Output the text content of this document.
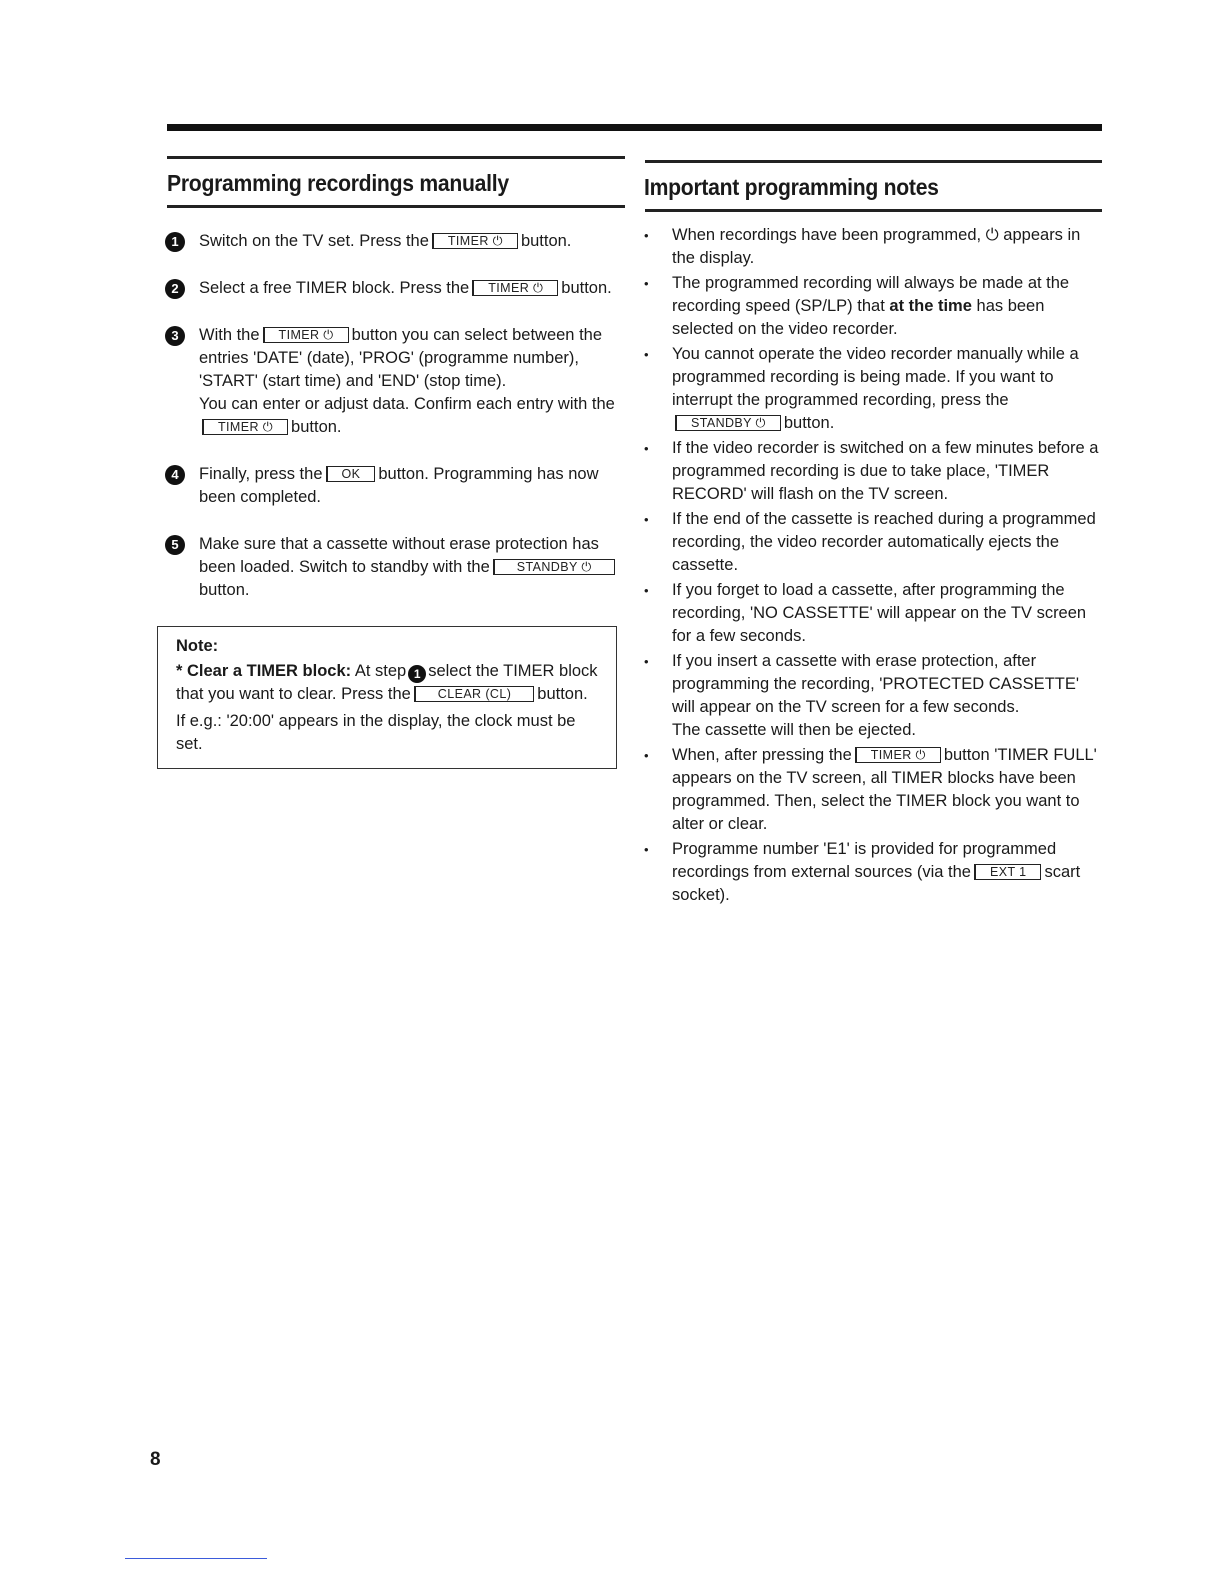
Programming recordings manually
1	Switch on the TV set. Press the TIMER ⏻ button.

2	Select a free TIMER block. Press the TIMER ⏻ button.

3	With the TIMER ⏻ button you can select between the entries 'DATE' (date), 'PROG' (programme number), 'START' (start time) and 'END' (stop time).

You can enter or adjust data. Confirm each entry with theTIMER ⏻ button.

4	Finally, press the OK button. Programming has now been completed.

5	Make sure that a cassette without erase protection has been loaded. Switch to standby with the STANDBY ⏻button.

Note:

* Clear a TIMER block: At step 1 select the TIMER block that you want to clear. Press the CLEAR (CL) button.

If e.g.: '20:00' appears in the display, the clock must be set.

Important programming notes
• When recordings have been programmed, ⏻ appears in the display.
• The programmed recording will always be made at the recording speed (SP/LP) that at the time has been selected on the video recorder.
• You cannot operate the video recorder manually while a programmed recording is being made. If you want to interrupt the programmed recording, press the STANDBY ⏻ button.
• If the video recorder is switched on a few minutes before a programmed recording is due to take place, 'TIMER RECORD' will flash on the TV screen.
• If the end of the cassette is reached during a programmed recording, the video recorder automatically ejects the cassette.
• If you forget to load a cassette, after programming the recording, 'NO CASSETTE' will appear on the TV screen for a few seconds.
• If you insert a cassette with erase protection, after programming the recording, 'PROTECTED CASSETTE' will appear on the TV screen for a few seconds.
The cassette will then be ejected.
• When, after pressing the TIMER ⏻ button 'TIMER FULL' appears on the TV screen, all TIMER blocks have been programmed. Then, select the TIMER block you want to alter or clear.
• Programme number 'E1' is provided for programmed recordings from external sources (via the EXT 1 scart socket).
8
